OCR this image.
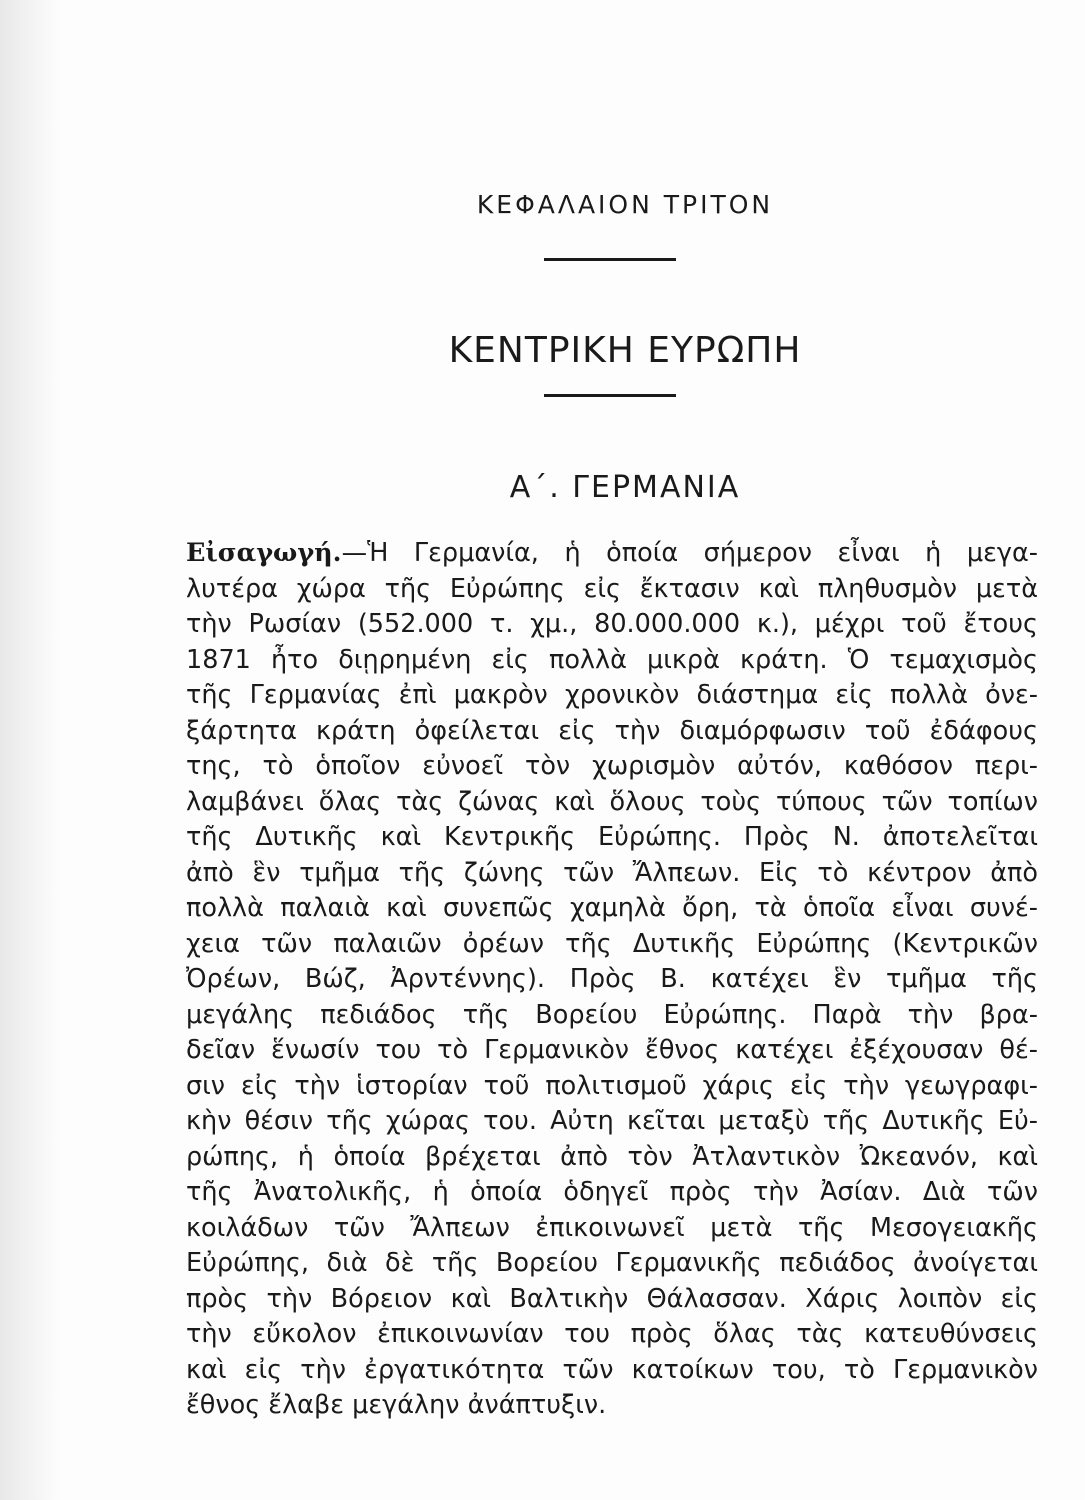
ΚΕΦΑΛΑΙΟΝ ΤΡΙΤΟΝ
ΚΕΝΤΡΙΚΗ ΕΥΡΩΠΗ
Α΄. ΓΕΡΜΑΝΙΑ
Εἰσαγωγή.—Ἡ Γερμανία, ἡ ὁποία σήμερον εἶναι ἡ μεγα-
λυτέρα χώρα τῆς Εὐρώπης εἰς ἔκτασιν καὶ πληθυσμὸν μετὰ
τὴν Ρωσίαν (552.000 τ. χμ., 80.000.000 κ.), μέχρι τοῦ ἔτους
1871 ἦτο διῃρημένη εἰς πολλὰ μικρὰ κράτη. Ὁ τεμαχισμὸς
τῆς Γερμανίας ἐπὶ μακρὸν χρονικὸν διάστημα εἰς πολλὰ ὀνε-
ξάρτητα κράτη ὀφείλεται εἰς τὴν διαμόρφωσιν τοῦ ἐδάφους
της, τὸ ὁποῖον εὐνοεῖ τὸν χωρισμὸν αὐτόν, καθόσον περι-
λαμβάνει ὅλας τὰς ζώνας καὶ ὅλους τοὺς τύπους τῶν τοπίων
τῆς Δυτικῆς καὶ Κεντρικῆς Εὐρώπης. Πρὸς Ν. ἀποτελεῖται
ἀπὸ ἓν τμῆμα τῆς ζώνης τῶν Ἄλπεων. Εἰς τὸ κέντρον ἀπὸ
πολλὰ παλαιὰ καὶ συνεπῶς χαμηλὰ ὄρη, τὰ ὁποῖα εἶναι συνέ-
χεια τῶν παλαιῶν ὀρέων τῆς Δυτικῆς Εὐρώπης (Κεντρικῶν
Ὀρέων, Βώζ, Ἀρντέννης). Πρὸς Β. κατέχει ἓν τμῆμα τῆς
μεγάλης πεδιάδος τῆς Βορείου Εὐρώπης. Παρὰ τὴν βρα-
δεῖαν ἕνωσίν του τὸ Γερμανικὸν ἔθνος κατέχει ἐξέχουσαν θέ-
σιν εἰς τὴν ἱστορίαν τοῦ πολιτισμοῦ χάρις εἰς τὴν γεωγραφι-
κὴν θέσιν τῆς χώρας του. Αὐτη κεῖται μεταξὺ τῆς Δυτικῆς Εὐ-
ρώπης, ἡ ὁποία βρέχεται ἀπὸ τὸν Ἀτλαντικὸν Ὠκεανόν, καὶ
τῆς Ἀνατολικῆς, ἡ ὁποία ὁδηγεῖ πρὸς τὴν Ἀσίαν. Διὰ τῶν
κοιλάδων τῶν Ἄλπεων ἐπικοινωνεῖ μετὰ τῆς Μεσογειακῆς
Εὐρώπης, διὰ δὲ τῆς Βορείου Γερμανικῆς πεδιάδος ἀνοίγεται
πρὸς τὴν Βόρειον καὶ Βαλτικὴν Θάλασσαν. Χάρις λοιπὸν εἰς
τὴν εὔκολον ἐπικοινωνίαν του πρὸς ὅλας τὰς κατευθύνσεις
καὶ εἰς τὴν ἐργατικότητα τῶν κατοίκων του, τὸ Γερμανικὸν
ἔθνος ἔλαβε μεγάλην ἀνάπτυξιν.
